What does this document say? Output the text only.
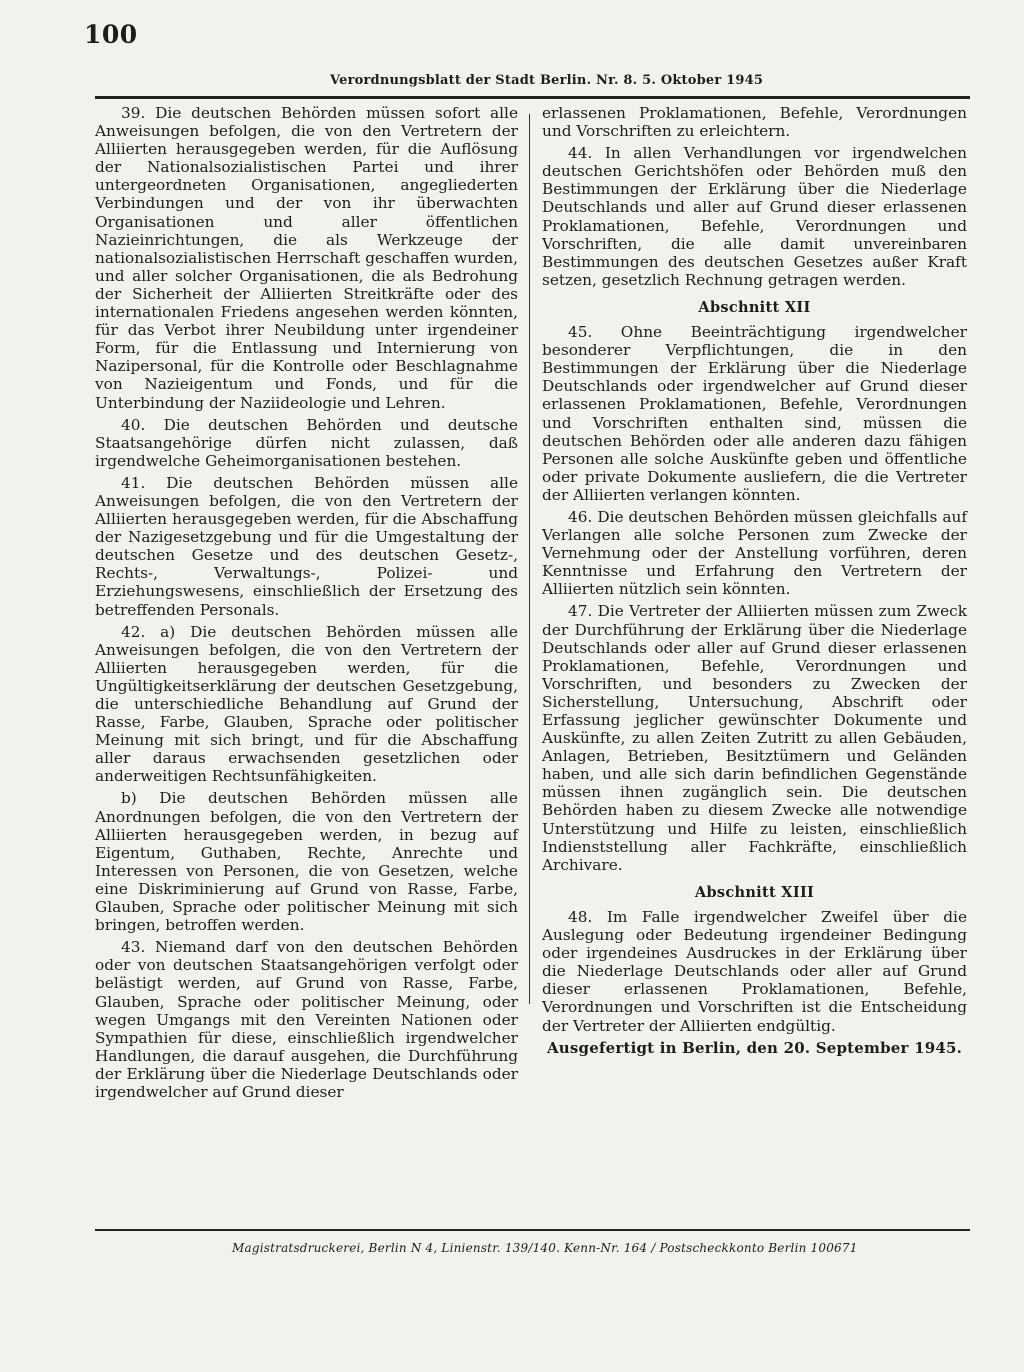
100
Verordnungsblatt der Stadt Berlin. Nr. 8. 5. Oktober 1945

39. Die deutschen Behörden müssen sofort alle Anweisungen befolgen, die von den Vertretern der Alliierten herausgegeben werden, für die Auflösung der Nationalsozialistischen Partei und ihrer untergeordneten Organisationen, angegliederten Verbindungen und der von ihr überwachten Organisationen und aller öffentlichen Nazieinrichtungen, die als Werkzeuge der nationalsozialistischen Herrschaft geschaffen wurden, und aller solcher Organisationen, die als Bedrohung der Sicherheit der Alliierten Streitkräfte oder des internationalen Friedens angesehen werden könnten, für das Verbot ihrer Neubildung unter irgendeiner Form, für die Entlassung und Internierung von Nazipersonal, für die Kontrolle oder Beschlagnahme von Nazieigentum und Fonds, und für die Unterbindung der Naziideologie und Lehren.

40. Die deutschen Behörden und deutsche Staatsangehörige dürfen nicht zulassen, daß irgendwelche Geheimorganisationen bestehen.

41. Die deutschen Behörden müssen alle Anweisungen befolgen, die von den Vertretern der Alliierten herausgegeben werden, für die Abschaffung der Nazigesetzgebung und für die Umgestaltung der deutschen Gesetze und des deutschen Gesetz-, Rechts-, Verwaltungs-, Polizei- und Erziehungswesens, einschließlich der Ersetzung des betreffenden Personals.

42. a) Die deutschen Behörden müssen alle Anweisungen befolgen, die von den Vertretern der Alliierten herausgegeben werden, für die Ungültigkeitserklärung der deutschen Gesetzgebung, die unterschiedliche Behandlung auf Grund der Rasse, Farbe, Glauben, Sprache oder politischer Meinung mit sich bringt, und für die Abschaffung aller daraus erwachsenden gesetzlichen oder anderweitigen Rechtsunfähigkeiten.

b) Die deutschen Behörden müssen alle Anordnungen befolgen, die von den Vertretern der Alliierten herausgegeben werden, in bezug auf Eigentum, Guthaben, Rechte, Anrechte und Interessen von Personen, die von Gesetzen, welche eine Diskriminierung auf Grund von Rasse, Farbe, Glauben, Sprache oder politischer Meinung mit sich bringen, betroffen werden.

43. Niemand darf von den deutschen Behörden oder von deutschen Staatsangehörigen verfolgt oder belästigt werden, auf Grund von Rasse, Farbe, Glauben, Sprache oder politischer Meinung, oder wegen Umgangs mit den Vereinten Nationen oder Sympathien für diese, einschließlich irgendwelcher Handlungen, die darauf ausgehen, die Durchführung der Erklärung über die Niederlage Deutschlands oder irgendwelcher auf Grund dieser

erlassenen Proklamationen, Befehle, Verordnungen und Vorschriften zu erleichtern.

44. In allen Verhandlungen vor irgendwelchen deutschen Gerichtshöfen oder Behörden muß den Bestimmungen der Erklärung über die Niederlage Deutschlands und aller auf Grund dieser erlassenen Proklamationen, Befehle, Verordnungen und Vorschriften, die alle damit unvereinbaren Bestimmungen des deutschen Gesetzes außer Kraft setzen, gesetzlich Rechnung getragen werden.

Abschnitt XII

45. Ohne Beeinträchtigung irgendwelcher besonderer Verpflichtungen, die in den Bestimmungen der Erklärung über die Niederlage Deutschlands oder irgendwelcher auf Grund dieser erlassenen Proklamationen, Befehle, Verordnungen und Vorschriften enthalten sind, müssen die deutschen Behörden oder alle anderen dazu fähigen Personen alle solche Auskünfte geben und öffentliche oder private Dokumente ausliefern, die die Vertreter der Alliierten verlangen könnten.

46. Die deutschen Behörden müssen gleichfalls auf Verlangen alle solche Personen zum Zwecke der Vernehmung oder der Anstellung vorführen, deren Kenntnisse und Erfahrung den Vertretern der Alliierten nützlich sein könnten.

47. Die Vertreter der Alliierten müssen zum Zweck der Durchführung der Erklärung über die Niederlage Deutschlands oder aller auf Grund dieser erlassenen Proklamationen, Befehle, Verordnungen und Vorschriften, und besonders zu Zwecken der Sicherstellung, Untersuchung, Abschrift oder Erfassung jeglicher gewünschter Dokumente und Auskünfte, zu allen Zeiten Zutritt zu allen Gebäuden, Anlagen, Betrieben, Besitztümern und Geländen haben, und alle sich darin befindlichen Gegenstände müssen ihnen zugänglich sein. Die deutschen Behörden haben zu diesem Zwecke alle notwendige Unterstützung und Hilfe zu leisten, einschließlich Indienststellung aller Fachkräfte, einschließlich Archivare.

Abschnitt XIII

48. Im Falle irgendwelcher Zweifel über die Auslegung oder Bedeutung irgendeiner Bedingung oder irgendeines Ausdruckes in der Erklärung über die Niederlage Deutschlands oder aller auf Grund dieser erlassenen Proklamationen, Befehle, Verordnungen und Vorschriften ist die Entscheidung der Vertreter der Alliierten endgültig.

Ausgefertigt in Berlin, den 20. September 1945.

Magistratsdruckerei, Berlin N 4, Linienstr. 139/140. Kenn-Nr. 164 / Postscheckkonto Berlin 100671
